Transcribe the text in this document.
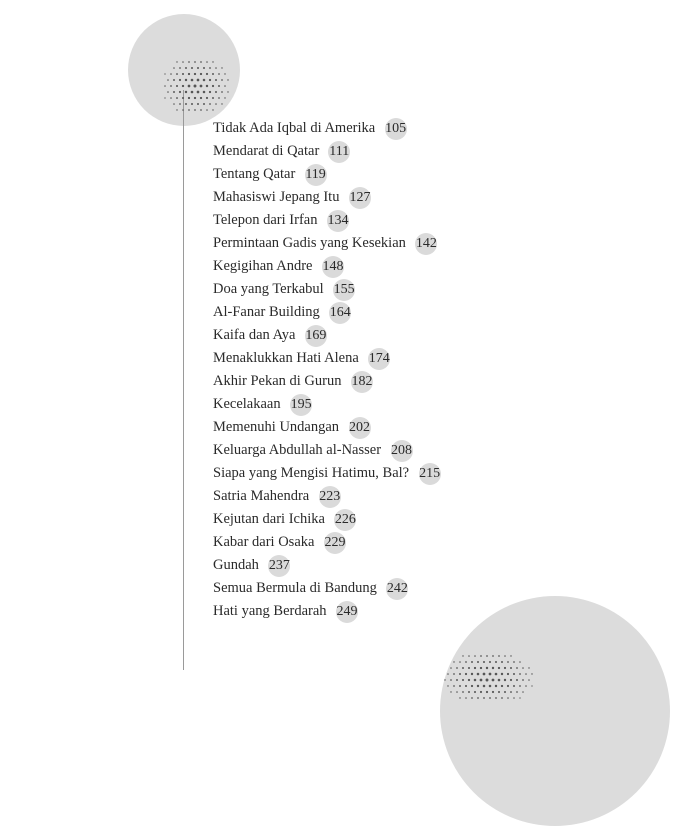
Tidak Ada Iqbal di Amerika 105
Mendarat di Qatar 111
Tentang Qatar 119
Mahasiswi Jepang Itu 127
Telepon dari Irfan 134
Permintaan Gadis yang Kesekian 142
Kegigihan Andre 148
Doa yang Terkabul 155
Al-Fanar Building 164
Kaifa dan Aya 169
Menaklukkan Hati Alena 174
Akhir Pekan di Gurun 182
Kecelakaan 195
Memenuhi Undangan 202
Keluarga Abdullah al-Nasser 208
Siapa yang Mengisi Hatimu, Bal? 215
Satria Mahendra 223
Kejutan dari Ichika 226
Kabar dari Osaka 229
Gundah 237
Semua Bermula di Bandung 242
Hati yang Berdarah 249
